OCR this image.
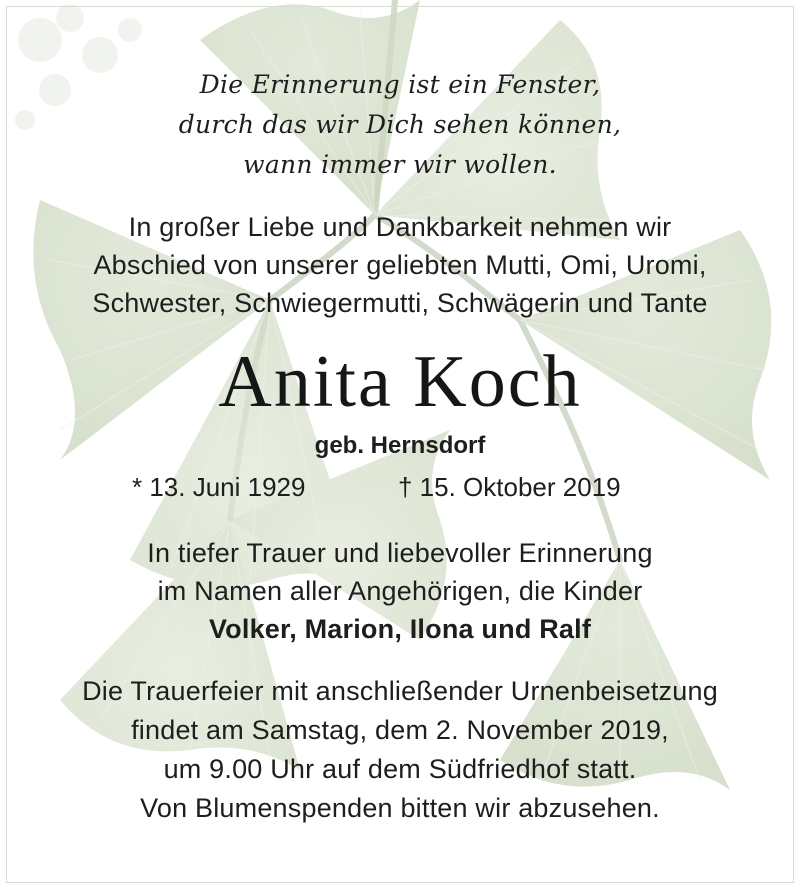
Die Erinnerung ist ein Fenster,
durch das wir Dich sehen können,
wann immer wir wollen.
In großer Liebe und Dankbarkeit nehmen wir
Abschied von unserer geliebten Mutti, Omi, Uromi,
Schwester, Schwiegermutti, Schwägerin und Tante
Anita Koch
geb. Hernsdorf
* 13. Juni 1929	† 15. Oktober 2019
In tiefer Trauer und liebevoller Erinnerung
im Namen aller Angehörigen, die Kinder
Volker, Marion, Ilona und Ralf
Die Trauerfeier mit anschließender Urnenbeisetzung
findet am Samstag, dem 2. November 2019,
um 9.00 Uhr auf dem Südfriedhof statt.
Von Blumenspenden bitten wir abzusehen.
